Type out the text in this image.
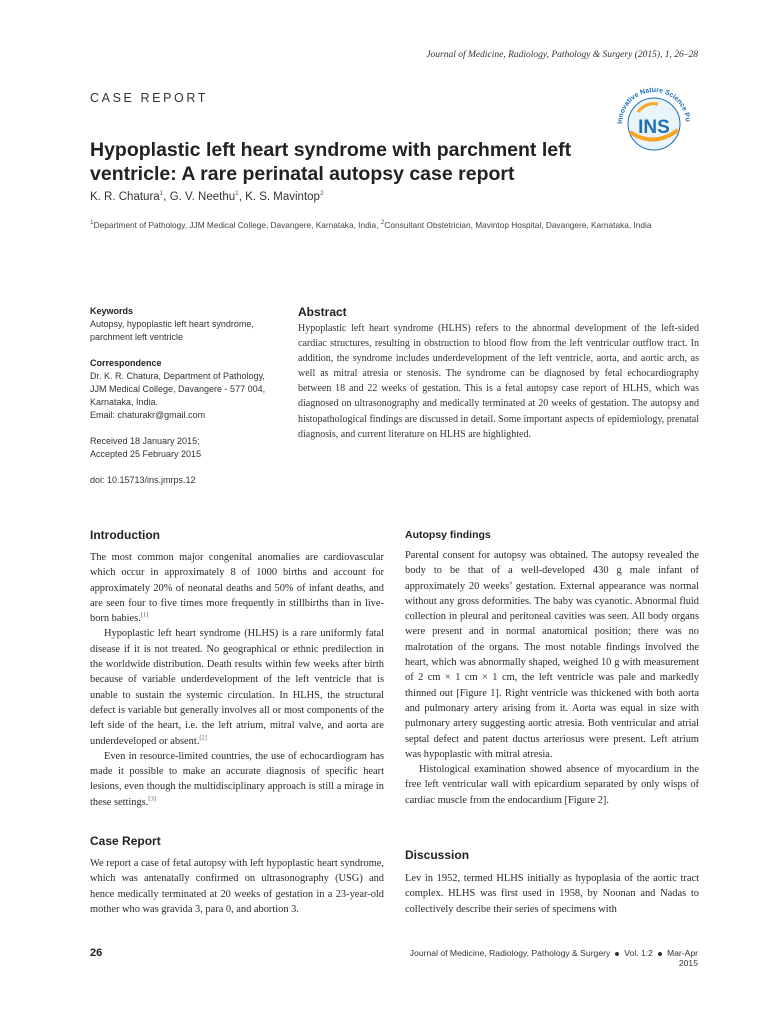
Journal of Medicine, Radiology, Pathology & Surgery (2015), 1, 26–28
CASE REPORT
Innovative Nature Science Pu
INS
Hypoplastic left heart syndrome with parchment left
ventricle: A rare perinatal autopsy case report
K. R. Chatura$^1$, G. V. Neethu$^1$, K. S. Mavintop$^2$
$^1$Department of Pathology, JJM Medical College, Davangere, Karnataka, India, $^2$Consultant Obstetrician, Mavintop Hospital, Davangere, Karnataka, India

Keywords

Autopsy, hypoplastic left heart syndrome, parchment left ventricle

Correspondence

Dr. K. R. Chatura, Department of Pathology,

JJM Medical College, Davangere - 577 004,

Karnataka, India.

Email: chaturakr@gmail.com

Received 18 January 2015;

Accepted 25 February 2015

doi: 10.15713/ins.jmrps.12

Abstract
Hypoplastic left heart syndrome (HLHS) refers to the abnormal development of the left-sided cardiac structures, resulting in obstruction to blood flow from the left ventricular outflow tract. In addition, the syndrome includes underdevelopment of the left ventricle, aorta, and aortic arch, as well as mitral atresia or stenosis. The syndrome can be diagnosed by fetal echocardiography between 18 and 22 weeks of gestation. This is a fetal autopsy case report of HLHS, which was diagnosed on ultrasonography and medically terminated at 20 weeks of gestation. The autopsy and histopathological findings are discussed in detail. Some important aspects of epidemiology, prenatal diagnosis, and current literature on HLHS are highlighted.
Introduction

The most common major congenital anomalies are cardiovascular which occur in approximately 8 of 1000 births and account for approximately 20% of neonatal deaths and 50% of infant deaths, and are seen four to five times more frequently in stillbirths than in live-born babies.[1]

Hypoplastic left heart syndrome (HLHS) is a rare uniformly fatal disease if it is not treated. No geographical or ethnic predilection in the worldwide distribution. Death results within few weeks after birth because of variable underdevelopment of the left ventricle that is unable to sustain the systemic circulation. In HLHS, the structural defect is variable but generally involves all or most components of the left side of the heart, i.e. the left atrium, mitral valve, and aorta are underdeveloped or absent.[2]

Even in resource-limited countries, the use of echocardiogram has made it possible to make an accurate diagnosis of specific heart lesions, even though the multidisciplinary approach is still a mirage in these settings.[3]

Case Report

We report a case of fetal autopsy with left hypoplastic heart syndrome, which was antenatally confirmed on ultrasonography (USG) and hence medically terminated at 20 weeks of gestation in a 23-year-old mother who was gravida 3, para 0, and abortion 3.

Autopsy findings

Parental consent for autopsy was obtained. The autopsy revealed the body to be that of a well-developed 430 g male infant of approximately 20 weeks’ gestation. External appearance was normal without any gross deformities. The baby was cyanotic. Abnormal fluid collection in pleural and peritoneal cavities was seen. All body organs were present and in normal anatomical position; there was no malrotation of the organs. The most notable findings involved the heart, which was abnormally shaped, weighed 10 g with measurement of 2 cm × 1 cm × 1 cm, the left ventricle was pale and markedly thinned out [Figure 1]. Right ventricle was thickened with both aorta and pulmonary artery arising from it. Aorta was equal in size with pulmonary artery suggesting aortic atresia. Both ventricular and atrial septal defect and patent ductus arteriosus were present. Left atrium was hypoplastic with mitral atresia.

Histological examination showed absence of myocardium in the free left ventricular wall with epicardium separated by only wisps of cardiac muscle from the endocardium [Figure 2].

Discussion

Lev in 1952, termed HLHS initially as hypoplasia of the aortic tract complex. HLHS was first used in 1958, by Noonan and Nadas to collectively describe their series of specimens with

26	Journal of Medicine, Radiology, Pathology & Surgery Vol. 1:2 Mar-Apr 2015
